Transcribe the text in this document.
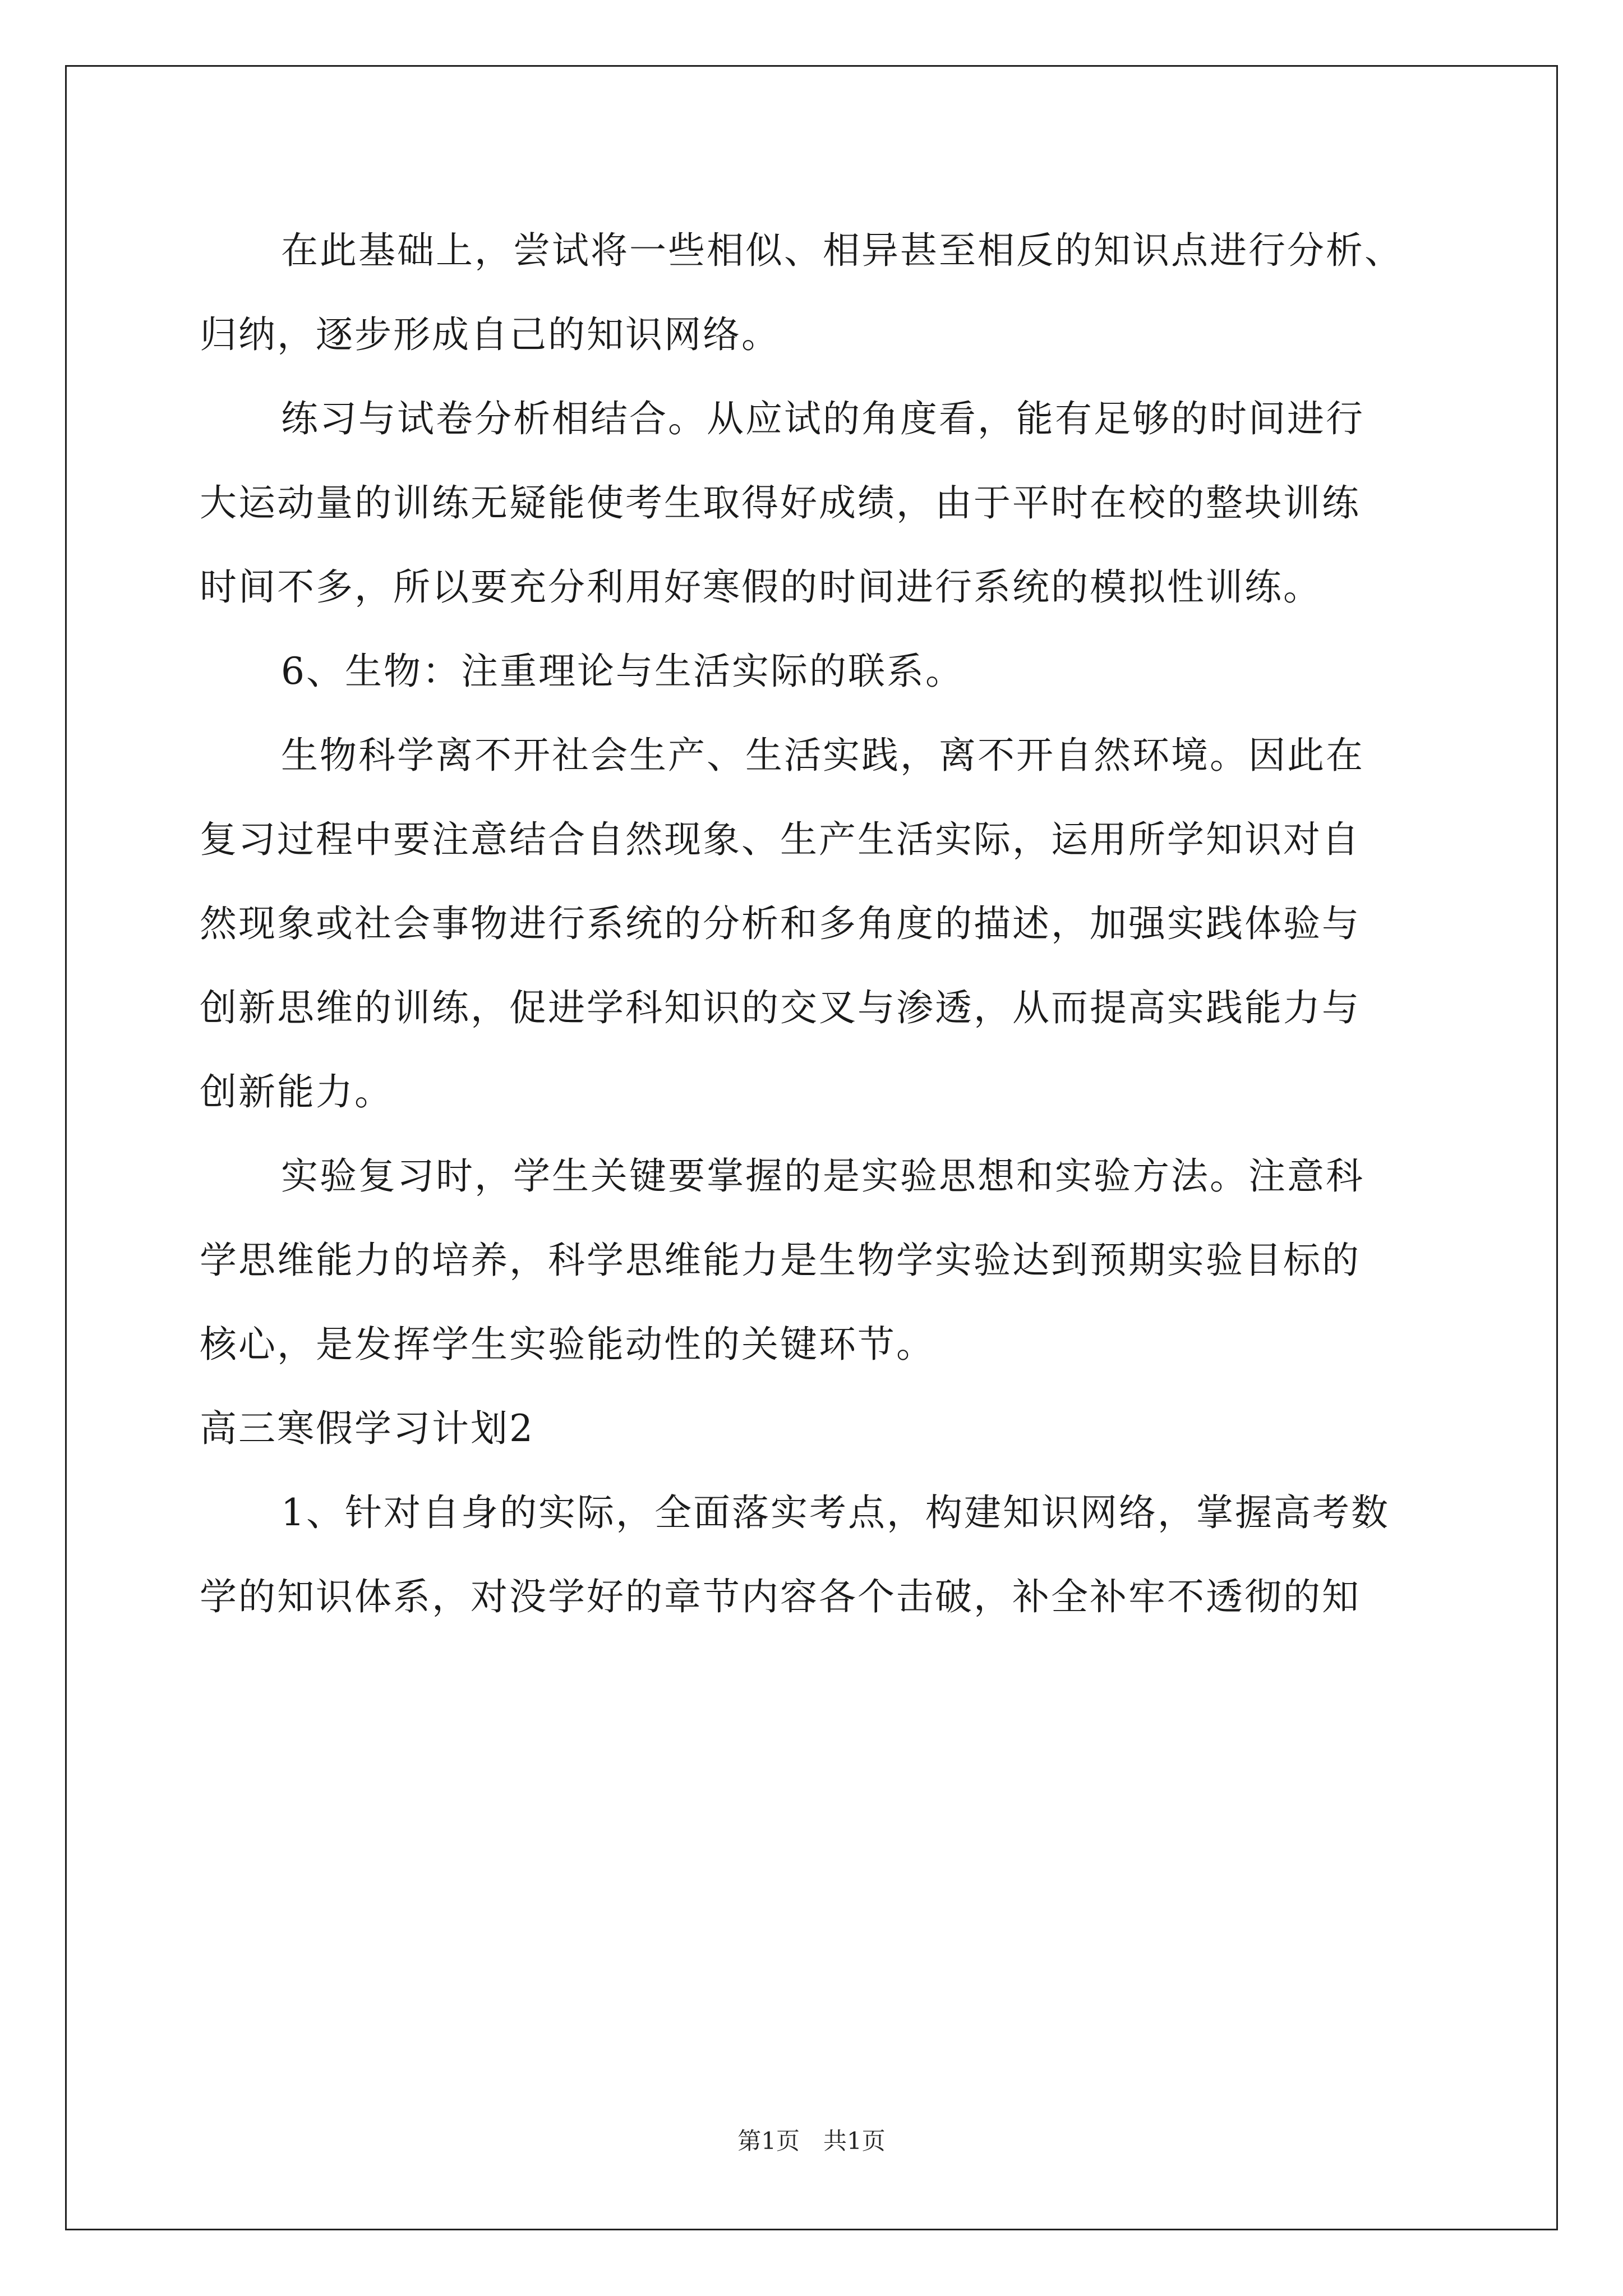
在此基础上，尝试将一些相似、相异甚至相反的知识点进行分析、
归纳，逐步形成自己的知识网络。
练习与试卷分析相结合。从应试的角度看，能有足够的时间进行
大运动量的训练无疑能使考生取得好成绩，由于平时在校的整块训练
时间不多，所以要充分利用好寒假的时间进行系统的模拟性训练。
6、生物：注重理论与生活实际的联系。
生物科学离不开社会生产、生活实践，离不开自然环境。因此在
复习过程中要注意结合自然现象、生产生活实际，运用所学知识对自
然现象或社会事物进行系统的分析和多角度的描述，加强实践体验与
创新思维的训练，促进学科知识的交叉与渗透，从而提高实践能力与
创新能力。
实验复习时，学生关键要掌握的是实验思想和实验方法。注意科
学思维能力的培养，科学思维能力是生物学实验达到预期实验目标的
核心，是发挥学生实验能动性的关键环节。
高三寒假学习计划2
1、针对自身的实际，全面落实考点，构建知识网络，掌握高考数
学的知识体系，对没学好的章节内容各个击破，补全补牢不透彻的知
第1页　共1页
